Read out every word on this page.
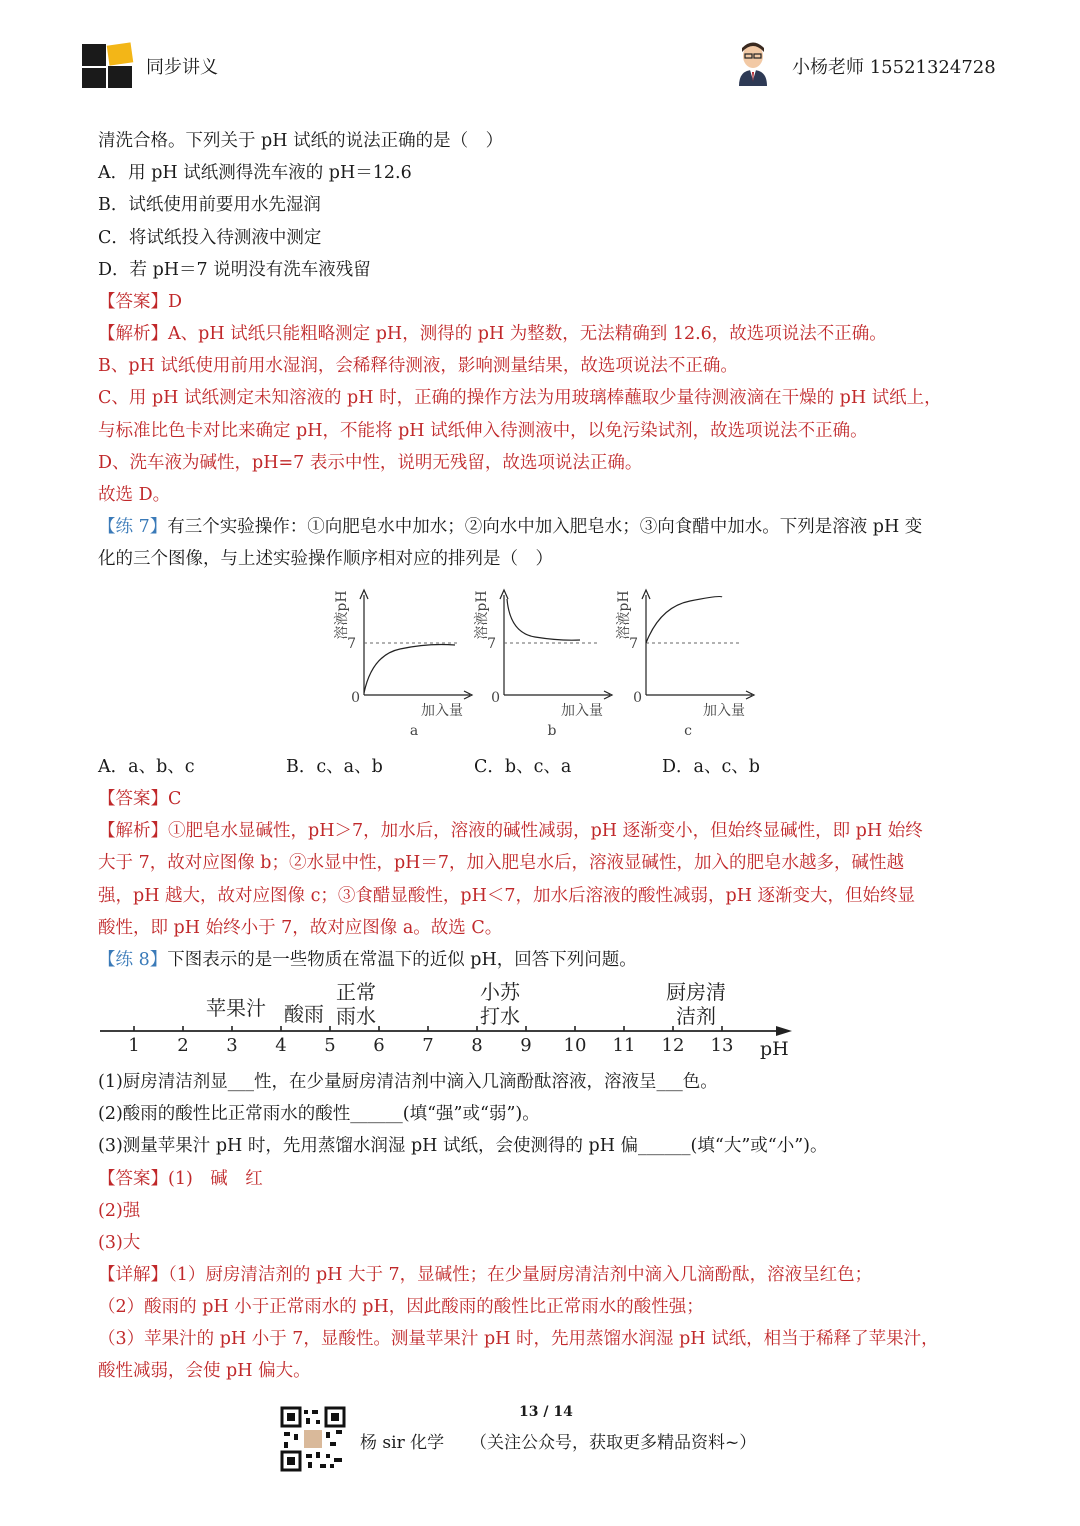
同步讲义	小杨老师 15521324728
清洗合格。下列关于 pH 试纸的说法正确的是（　）
A．用 pH 试纸测得洗车液的 pH＝12.6
B．试纸使用前要用水先湿润
C．将试纸投入待测液中测定
D．若 pH＝7 说明没有洗车液残留
【答案】D
【解析】A、pH 试纸只能粗略测定 pH，测得的 pH 为整数，无法精确到 12.6，故选项说法不正确。
B、pH 试纸使用前用水湿润，会稀释待测液，影响测量结果，故选项说法不正确。
C、用 pH 试纸测定未知溶液的 pH 时，正确的操作方法为用玻璃棒蘸取少量待测液滴在干燥的 pH 试纸上，
与标准比色卡对比来确定 pH，不能将 pH 试纸伸入待测液中，以免污染试剂，故选项说法不正确。
D、洗车液为碱性，pH=7 表示中性，说明无残留，故选项说法正确。
故选 D。
【练 7】有三个实验操作：①向肥皂水中加水；②向水中加入肥皂水；③向食醋中加水。下列是溶液 pH 变
化的三个图像，与上述实验操作顺序相对应的排列是（　）
溶液pH
7
0
加入量
a
溶液pH
7
0
加入量
b
溶液pH
7
0
加入量
c
A．a、b、c	B．c、a、b	C．b、c、a	D．a、c、b
【答案】C
【解析】①肥皂水显碱性，pH＞7，加水后，溶液的碱性减弱，pH 逐渐变小，但始终显碱性，即 pH 始终
大于 7，故对应图像 b；②水显中性，pH＝7，加入肥皂水后，溶液显碱性，加入的肥皂水越多，碱性越
强，pH 越大，故对应图像 c；③食醋显酸性，pH＜7，加水后溶液的酸性减弱，pH 逐渐变大，但始终显
酸性，即 pH 始终小于 7，故对应图像 a。故选 C。
【练 8】下图表示的是一些物质在常温下的近似 pH，回答下列问题。
1 2 3 4 5 6 7 8 9 10 11 12 13
苹果汁 酸雨
正常
雨水
小苏
打水
厨房清
洁剂
pH
(1)厨房清洁剂显___性，在少量厨房清洁剂中滴入几滴酚酞溶液，溶液呈___色。
(2)酸雨的酸性比正常雨水的酸性______(填“强”或“弱”)。
(3)测量苹果汁 pH 时，先用蒸馏水润湿 pH 试纸，会使测得的 pH 偏______(填“大”或“小”)。
【答案】(1)　碱　红
(2)强
(3)大
【详解】（1）厨房清洁剂的 pH 大于 7，显碱性；在少量厨房清洁剂中滴入几滴酚酞，溶液呈红色；
（2）酸雨的 pH 小于正常雨水的 pH，因此酸雨的酸性比正常雨水的酸性强；
（3）苹果汁的 pH 小于 7，显酸性。测量苹果汁 pH 时，先用蒸馏水润湿 pH 试纸，相当于稀释了苹果汁，
酸性减弱，会使 pH 偏大。
13 / 14
杨 sir 化学 （关注公众号，获取更多精品资料~）
